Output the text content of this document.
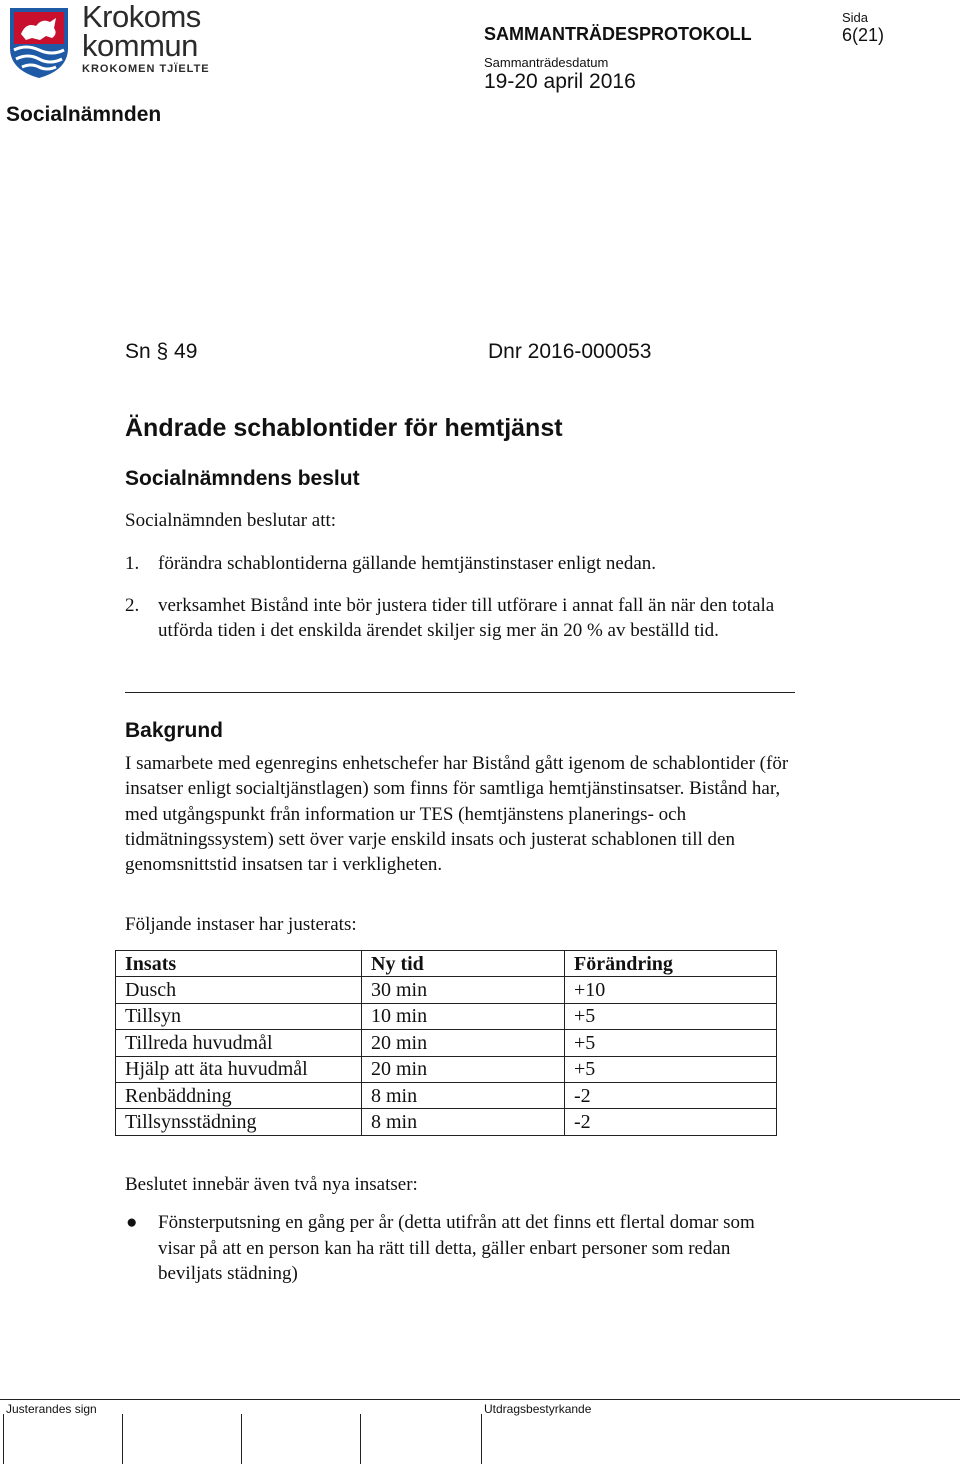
Krokoms
kommun
KROKOMEN TJÏELTE
Socialnämnden
SAMMANTRÄDESPROTOKOLL
Sammanträdesdatum
19-20 april 2016
Sida
6(21)
Sn § 49	Dnr 2016-000053
Ändrade schablontider för hemtjänst
Socialnämndens beslut
Socialnämnden beslutar att:
1. förändra schablontiderna gällande hemtjänstinstaser enligt nedan.
2. verksamhet Bistånd inte bör justera tider till utförare i annat fall än när den totala utförda tiden i det enskilda ärendet skiljer sig mer än 20 % av beställd tid.
Bakgrund
I samarbete med egenregins enhetschefer har Bistånd gått igenom de schablontider (för insatser enligt socialtjänstlagen) som finns för samtliga hemtjänstinsatser. Bistånd har, med utgångspunkt från information ur TES (hemtjänstens planerings- och tidmätningssystem) sett över varje enskild insats och justerat schablonen till den genomsnittstid insatsen tar i verkligheten.
Följande instaser har justerats:
Insats	Ny tid	Förändring
Dusch	30 min	+10
Tillsyn	10 min	+5
Tillreda huvudmål	20 min	+5
Hjälp att äta huvudmål	20 min	+5
Renbäddning	8 min	-2
Tillsynsstädning	8 min	-2
Beslutet innebär även två nya insatser:
● Fönsterputsning en gång per år (detta utifrån att det finns ett flertal domar som visar på att en person kan ha rätt till detta, gäller enbart personer som redan beviljats städning)
Justerandes sign	Utdragsbestyrkande
